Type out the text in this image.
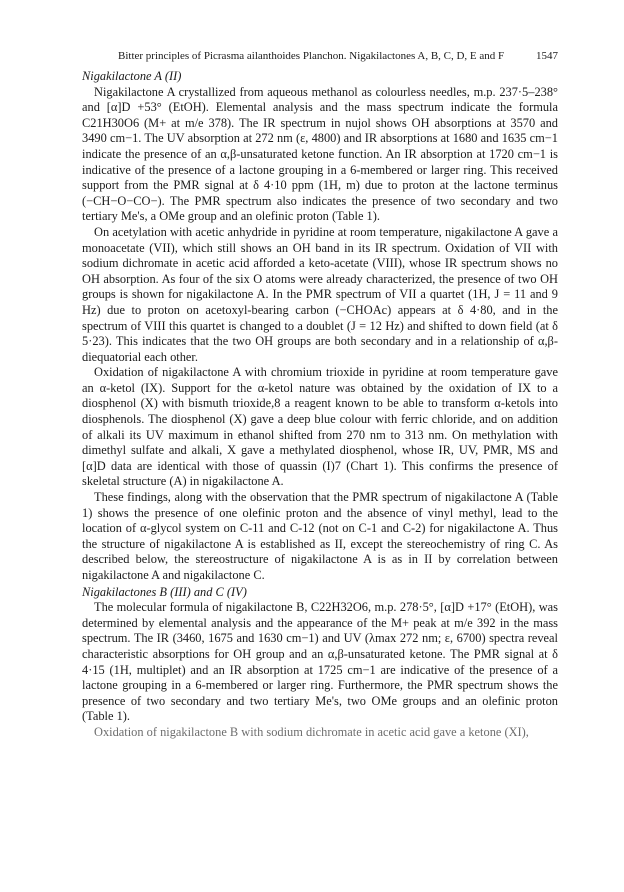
Bitter principles of Picrasma ailanthoides Planchon. Nigakilactones A, B, C, D, E and F	1547
Nigakilactone A (II)

Nigakilactone A crystallized from aqueous methanol as colourless needles, m.p. 237·5–238° and [α]D +53° (EtOH). Elemental analysis and the mass spectrum indicate the formula C21H30O6 (M+ at m/e 378). The IR spectrum in nujol shows OH absorptions at 3570 and 3490 cm−1. The UV absorption at 272 nm (ε, 4800) and IR absorptions at 1680 and 1635 cm−1 indicate the presence of an α,β-unsaturated ketone function. An IR absorption at 1720 cm−1 is indicative of the presence of a lactone grouping in a 6-membered or larger ring. This received support from the PMR signal at δ 4·10 ppm (1H, m) due to proton at the lactone terminus (−CH−O−CO−). The PMR spectrum also indicates the presence of two secondary and two tertiary Me's, a OMe group and an olefinic proton (Table 1).

On acetylation with acetic anhydride in pyridine at room temperature, nigakilactone A gave a monoacetate (VII), which still shows an OH band in its IR spectrum. Oxidation of VII with sodium dichromate in acetic acid afforded a keto-acetate (VIII), whose IR spectrum shows no OH absorption. As four of the six O atoms were already characterized, the presence of two OH groups is shown for nigakilactone A. In the PMR spectrum of VII a quartet (1H, J = 11 and 9 Hz) due to proton on acetoxyl-bearing carbon (−CHOAc) appears at δ 4·80, and in the spectrum of VIII this quartet is changed to a doublet (J = 12 Hz) and shifted to down field (at δ 5·23). This indicates that the two OH groups are both secondary and in a relationship of α,β-diequatorial each other.

Oxidation of nigakilactone A with chromium trioxide in pyridine at room temperature gave an α-ketol (IX). Support for the α-ketol nature was obtained by the oxidation of IX to a diosphenol (X) with bismuth trioxide,8 a reagent known to be able to transform α-ketols into diosphenols. The diosphenol (X) gave a deep blue colour with ferric chloride, and on addition of alkali its UV maximum in ethanol shifted from 270 nm to 313 nm. On methylation with dimethyl sulfate and alkali, X gave a methylated diosphenol, whose IR, UV, PMR, MS and [α]D data are identical with those of quassin (I)7 (Chart 1). This confirms the presence of skeletal structure (A) in nigakilactone A.

These findings, along with the observation that the PMR spectrum of nigakilactone A (Table 1) shows the presence of one olefinic proton and the absence of vinyl methyl, lead to the location of α-glycol system on C-11 and C-12 (not on C-1 and C-2) for nigakilactone A. Thus the structure of nigakilactone A is established as II, except the stereochemistry of ring C. As described below, the stereostructure of nigakilactone A is as in II by correlation between nigakilactone A and nigakilactone C.

Nigakilactones B (III) and C (IV)

The molecular formula of nigakilactone B, C22H32O6, m.p. 278·5°, [α]D +17° (EtOH), was determined by elemental analysis and the appearance of the M+ peak at m/e 392 in the mass spectrum. The IR (3460, 1675 and 1630 cm−1) and UV (λmax 272 nm; ε, 6700) spectra reveal characteristic absorptions for OH group and an α,β-unsaturated ketone. The PMR signal at δ 4·15 (1H, multiplet) and an IR absorption at 1725 cm−1 are indicative of the presence of a lactone grouping in a 6-membered or larger ring. Furthermore, the PMR spectrum shows the presence of two secondary and two tertiary Me's, two OMe groups and an olefinic proton (Table 1).

Oxidation of nigakilactone B with sodium dichromate in acetic acid gave a ketone (XI),
